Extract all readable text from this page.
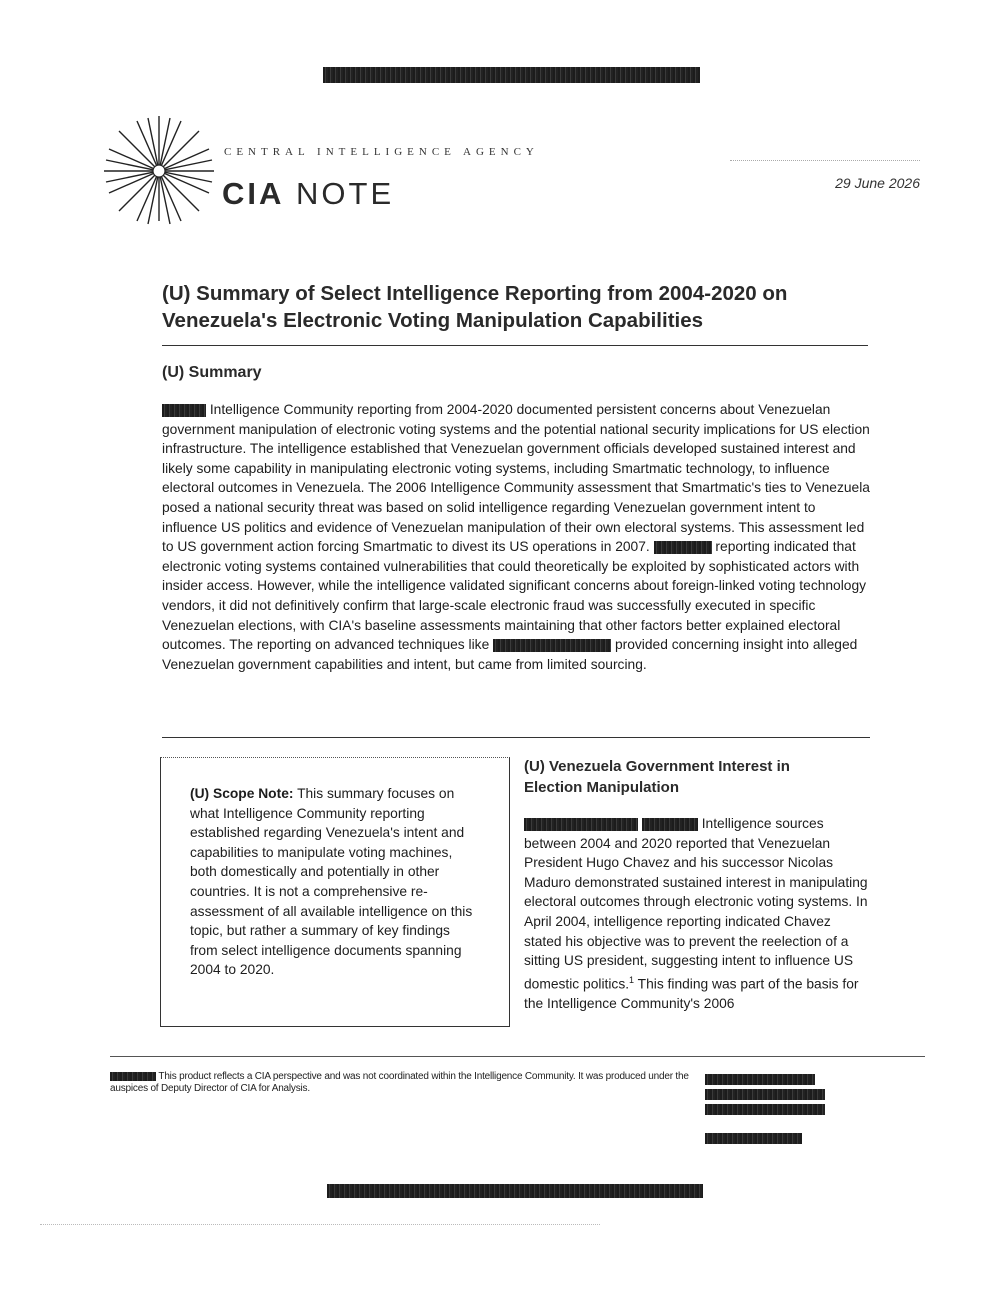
CENTRAL INTELLIGENCE AGENCY
CIA NOTE	29 June 2026
(U) Summary of Select Intelligence Reporting from 2004-2020 on Venezuela's Electronic Voting Manipulation Capabilities
(U) Summary
Intelligence Community reporting from 2004-2020 documented persistent concerns about Venezuelan government manipulation of electronic voting systems and the potential national security implications for US election infrastructure. The intelligence established that Venezuelan government officials developed sustained interest and likely some capability in manipulating electronic voting systems, including Smartmatic technology, to influence electoral outcomes in Venezuela. The 2006 Intelligence Community assessment that Smartmatic's ties to Venezuela posed a national security threat was based on solid intelligence regarding Venezuelan government intent to influence US politics and evidence of Venezuelan manipulation of their own electoral systems. This assessment led to US government action forcing Smartmatic to divest its US operations in 2007.	reporting indicated that electronic voting systems contained vulnerabilities that could theoretically be exploited by sophisticated actors with insider access. However, while the intelligence validated significant concerns about foreign-linked voting technology vendors, it did not definitively confirm that large-scale electronic fraud was successfully executed in specific Venezuelan elections, with CIA's baseline assessments maintaining that other factors better explained electoral outcomes. The reporting on advanced techniques like	provided concerning insight into alleged Venezuelan government capabilities and intent, but came from limited sourcing.
(U) Scope Note: This summary focuses on what Intelligence Community reporting established regarding Venezuela's intent and capabilities to manipulate voting machines, both domestically and potentially in other countries. It is not a comprehensive re-assessment of all available intelligence on this topic, but rather a summary of key findings from select intelligence documents spanning 2004 to 2020.
(U) Venezuela Government Interest in Election Manipulation
Intelligence sources between 2004 and 2020 reported that Venezuelan President Hugo Chavez and his successor Nicolas Maduro demonstrated sustained interest in manipulating electoral outcomes through electronic voting systems. In April 2004, intelligence reporting indicated Chavez stated his objective was to prevent the reelection of a sitting US president, suggesting intent to influence US domestic politics.$^1$ This finding was part of the basis for the Intelligence Community's 2006
This product reflects a CIA perspective and was not coordinated within the Intelligence Community. It was produced under the auspices of Deputy Director of CIA for Analysis.
